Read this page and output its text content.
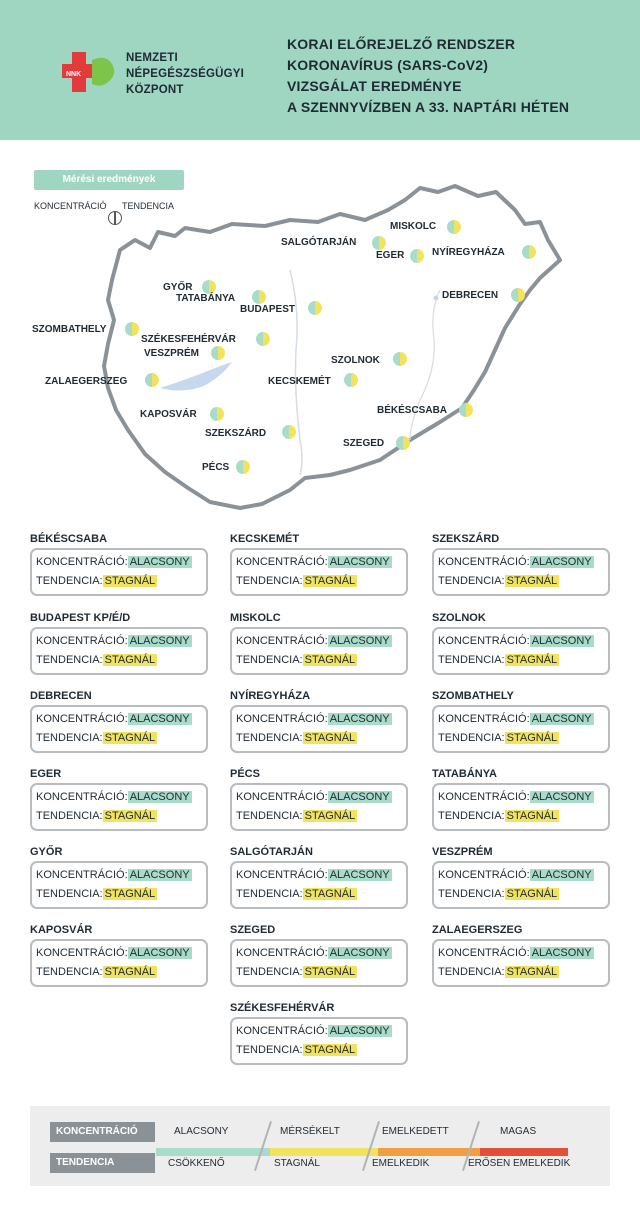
NNK
NEMZETI
NÉPEGÉSZSÉGÜGYI
KÖZPONT
KORAI ELŐREJELZŐ RENDSZER
KORONAVÍRUS (SARS-CoV2)
VIZSGÁLAT EREDMÉNYE
A SZENNYVÍZBEN A 33. NAPTÁRI HÉTEN
Mérési eredmények
KONCENTRÁCIÓ TENDENCIA
MISKOLC
SALGÓTARJÁN
EGER	NYÍREGYHÁZA
GYŐR
TATABÁNYA
BUDAPEST
DEBRECEN
SZOMBATHELY
SZÉKESFEHÉRVÁR
VESZPRÉM
SZOLNOK
ZALAEGERSZEG	KECSKEMÉT
BÉKÉSCSABA
KAPOSVÁR
SZEKSZÁRD
SZEGED
PÉCS
BÉKÉSCSABA
KONCENTRÁCIÓ: ALACSONY
TENDENCIA: STAGNÁL
KECSKEMÉT
KONCENTRÁCIÓ: ALACSONY
TENDENCIA: STAGNÁL
SZEKSZÁRD
KONCENTRÁCIÓ: ALACSONY
TENDENCIA: STAGNÁL
BUDAPEST KP/É/D
KONCENTRÁCIÓ: ALACSONY
TENDENCIA: STAGNÁL
MISKOLC
KONCENTRÁCIÓ: ALACSONY
TENDENCIA: STAGNÁL
SZOLNOK
KONCENTRÁCIÓ: ALACSONY
TENDENCIA: STAGNÁL
DEBRECEN
KONCENTRÁCIÓ: ALACSONY
TENDENCIA: STAGNÁL
NYÍREGYHÁZA
KONCENTRÁCIÓ: ALACSONY
TENDENCIA: STAGNÁL
SZOMBATHELY
KONCENTRÁCIÓ: ALACSONY
TENDENCIA: STAGNÁL
EGER
KONCENTRÁCIÓ: ALACSONY
TENDENCIA: STAGNÁL
PÉCS
KONCENTRÁCIÓ: ALACSONY
TENDENCIA: STAGNÁL
TATABÁNYA
KONCENTRÁCIÓ: ALACSONY
TENDENCIA: STAGNÁL
GYŐR
KONCENTRÁCIÓ: ALACSONY
TENDENCIA: STAGNÁL
SALGÓTARJÁN
KONCENTRÁCIÓ: ALACSONY
TENDENCIA: STAGNÁL
VESZPRÉM
KONCENTRÁCIÓ: ALACSONY
TENDENCIA: STAGNÁL
KAPOSVÁR
KONCENTRÁCIÓ: ALACSONY
TENDENCIA: STAGNÁL
SZEGED
KONCENTRÁCIÓ: ALACSONY
TENDENCIA: STAGNÁL
ZALAEGERSZEG
KONCENTRÁCIÓ: ALACSONY
TENDENCIA: STAGNÁL
SZÉKESFEHÉRVÁR
KONCENTRÁCIÓ: ALACSONY
TENDENCIA: STAGNÁL
KONCENTRÁCIÓ
TENDENCIA
ALACSONY	MÉRSÉKELT	EMELKEDETT	MAGAS
CSÖKKENŐ	STAGNÁL	EMELKEDIK	ERŐSEN EMELKEDIK
